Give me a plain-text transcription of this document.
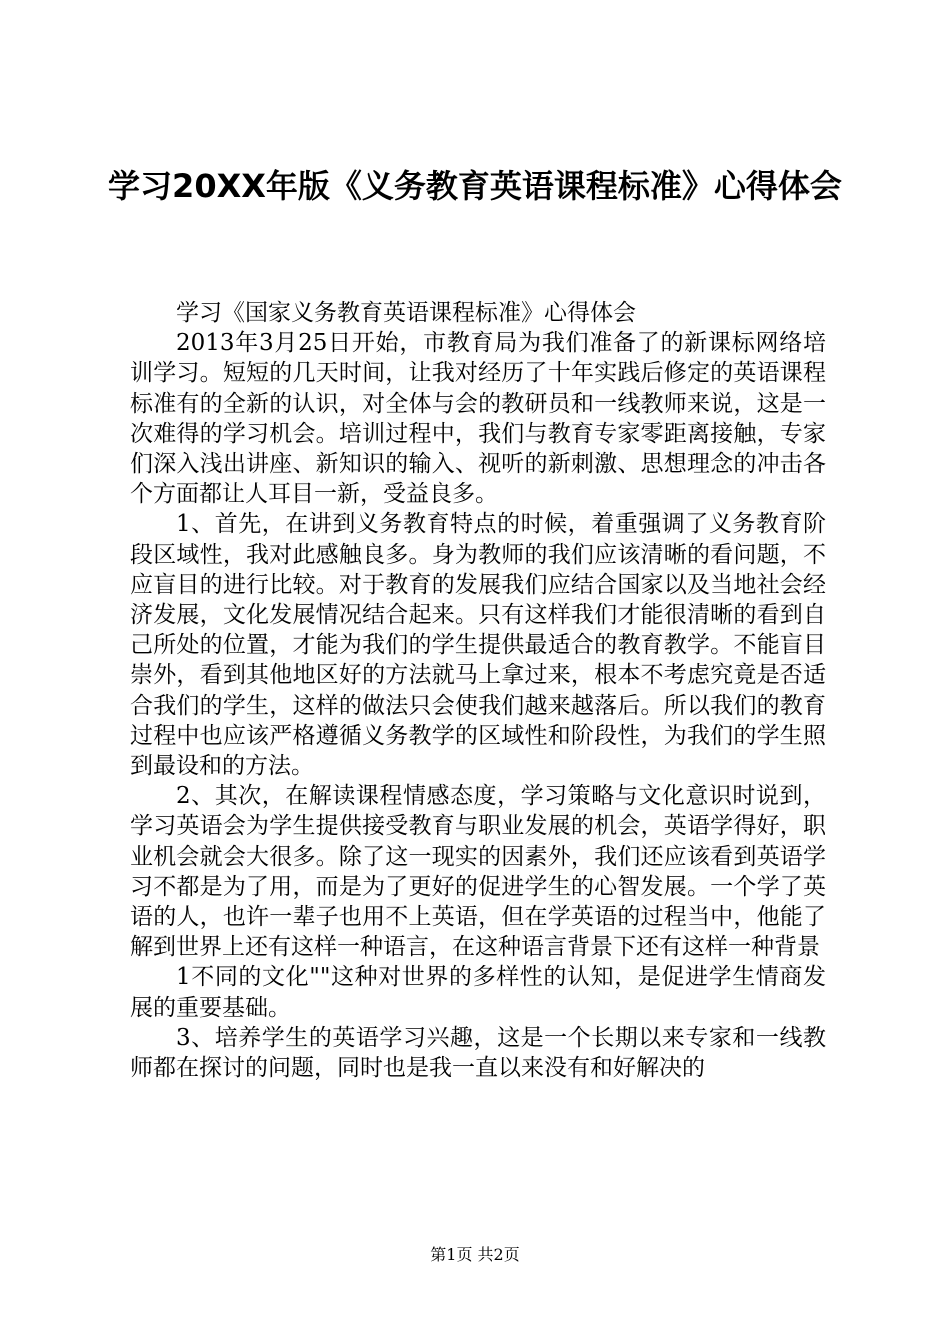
学习20XX年版《义务教育英语课程标准》心得体会

学习《国家义务教育英语课程标准》心得体会

2013年3月25日开始，市教育局为我们准备了的新课标网络培训学习。短短的几天时间，让我对经历了十年实践后修定的英语课程标准有的全新的认识，对全体与会的教研员和一线教师来说，这是一次难得的学习机会。培训过程中，我们与教育专家零距离接触，专家们深入浅出讲座、新知识的输入、视听的新刺激、思想理念的冲击各个方面都让人耳目一新，受益良多。

1、首先，在讲到义务教育特点的时候，着重强调了义务教育阶段区域性，我对此感触良多。身为教师的我们应该清晰的看问题，不应盲目的进行比较。对于教育的发展我们应结合国家以及当地社会经济发展，文化发展情况结合起来。只有这样我们才能很清晰的看到自己所处的位置，才能为我们的学生提供最适合的教育教学。不能盲目崇外，看到其他地区好的方法就马上拿过来，根本不考虑究竟是否适合我们的学生，这样的做法只会使我们越来越落后。所以我们的教育过程中也应该严格遵循义务教学的区域性和阶段性，为我们的学生照到最设和的方法。

2、其次，在解读课程情感态度，学习策略与文化意识时说到，学习英语会为学生提供接受教育与职业发展的机会，英语学得好，职业机会就会大很多。除了这一现实的因素外，我们还应该看到英语学习不都是为了用，而是为了更好的促进学生的心智发展。一个学了英语的人，也许一辈子也用不上英语，但在学英语的过程当中，他能了解到世界上还有这样一种语言，在这种语言背景下还有这样一种背景

1不同的文化""这种对世界的多样性的认知，是促进学生情商发展的重要基础。

3、培养学生的英语学习兴趣，这是一个长期以来专家和一线教师都在探讨的问题，同时也是我一直以来没有和好解决的

第1页 共2页
